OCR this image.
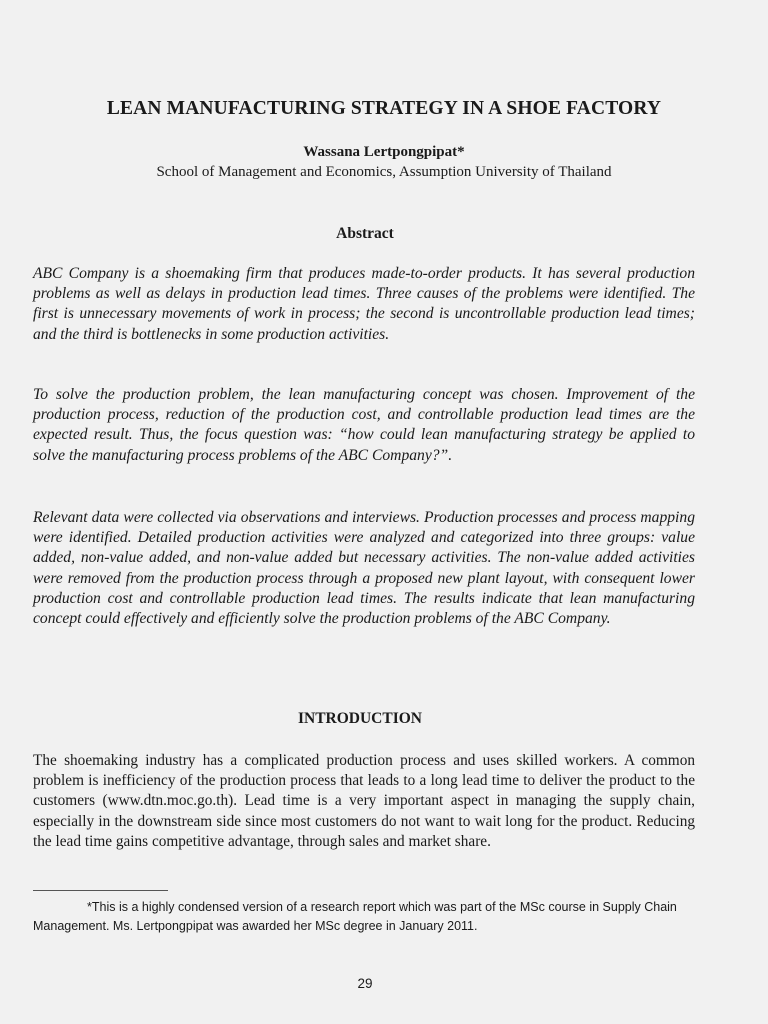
LEAN MANUFACTURING STRATEGY IN A SHOE FACTORY
Wassana Lertpongpipat*
School of Management and Economics, Assumption University of Thailand
Abstract

ABC Company is a shoemaking firm that produces made-to-order products. It has several production problems as well as delays in production lead times. Three causes of the problems were identified. The first is unnecessary movements of work in process; the second is uncontrollable production lead times; and the third is bottlenecks in some production activities.

To solve the production problem, the lean manufacturing concept was chosen. Improvement of the production process, reduction of the production cost, and controllable production lead times are the expected result. Thus, the focus question was: “how could lean manufacturing strategy be applied to solve the manufacturing process problems of the ABC Company?”.

Relevant data were collected via observations and interviews. Production processes and process mapping were identified. Detailed production activities were analyzed and categorized into three groups: value added, non-value added, and non-value added but necessary activities. The non-value added activities were removed from the production process through a proposed new plant layout, with consequent lower production cost and controllable production lead times. The results indicate that lean manufacturing concept could effectively and efficiently solve the production problems of the ABC Company.

INTRODUCTION

The shoemaking industry has a complicated production process and uses skilled workers. A common problem is inefficiency of the production process that leads to a long lead time to deliver the product to the customers (www.dtn.moc.go.th). Lead time is a very important aspect in managing the supply chain, especially in the downstream side since most customers do not want to wait long for the product. Reducing the lead time gains competitive advantage, through sales and market share.

*This is a highly condensed version of a research report which was part of the MSc course in Supply Chain Management. Ms. Lertpongpipat was awarded her MSc degree in January 2011.

29
